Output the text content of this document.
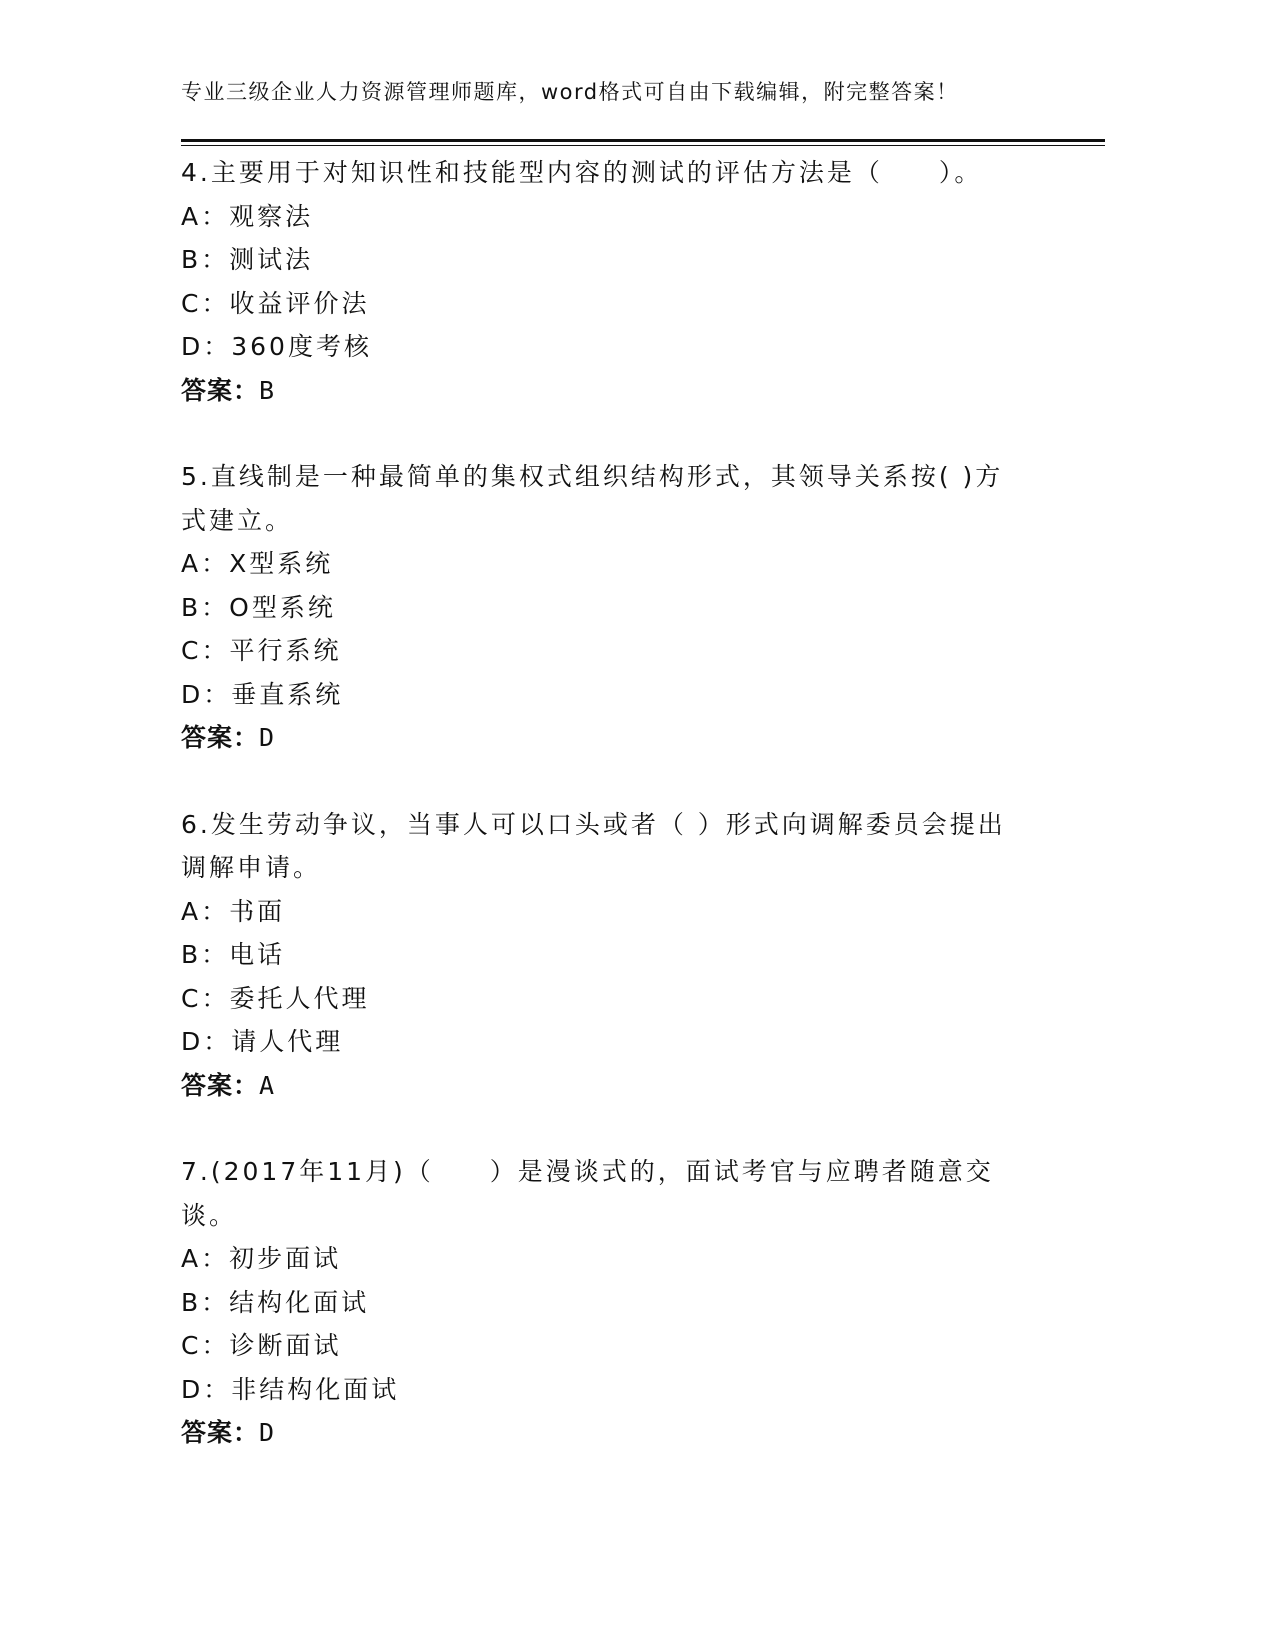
专业三级企业人力资源管理师题库，word格式可自由下载编辑，附完整答案！
4.主要用于对知识性和技能型内容的测试的评估方法是（　　）。
A：观察法
B：测试法
C：收益评价法
D：360度考核
答案：B
5.直线制是一种最简单的集权式组织结构形式，其领导关系按( )方式建立。
A：X型系统
B：O型系统
C：平行系统
D：垂直系统
答案：D
6.发生劳动争议，当事人可以口头或者（ ）形式向调解委员会提出调解申请。
A：书面
B：电话
C：委托人代理
D：请人代理
答案：A
7.(2017年11月)（　　）是漫谈式的，面试考官与应聘者随意交谈。
A：初步面试
B：结构化面试
C：诊断面试
D：非结构化面试
答案：D
